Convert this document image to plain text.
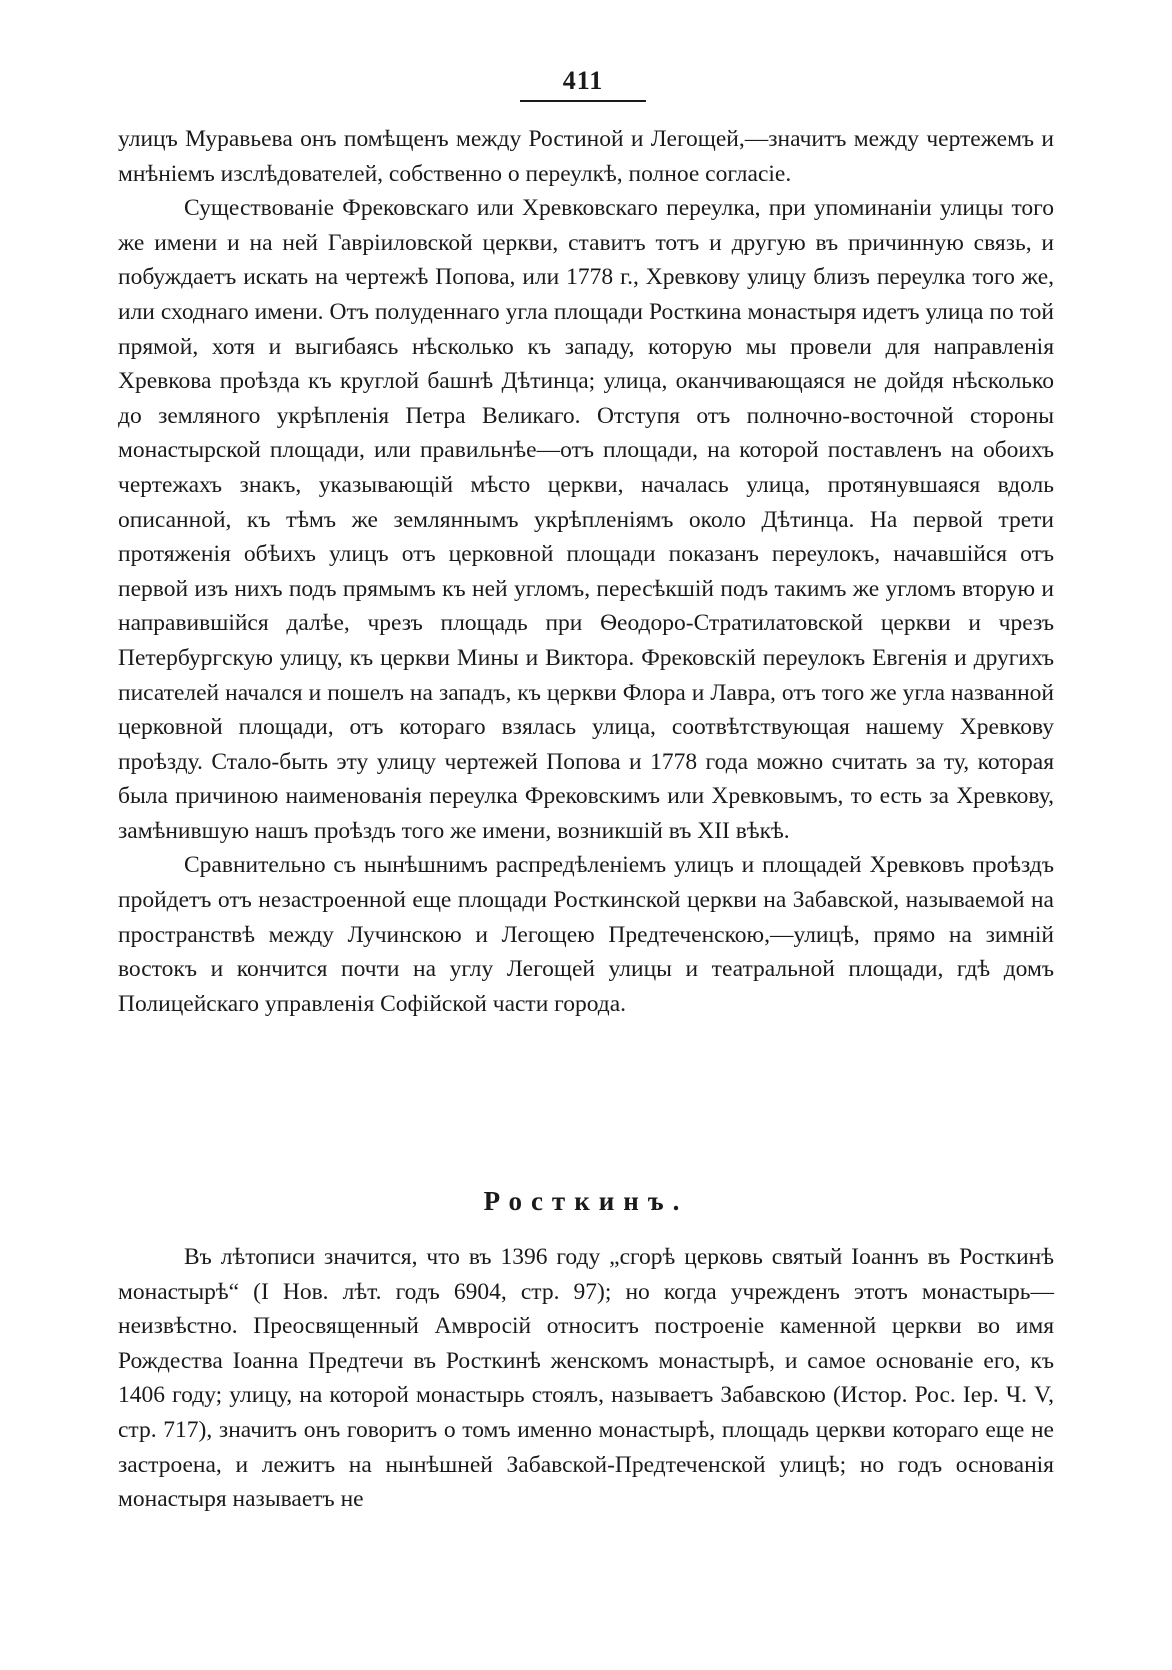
411

улицъ Муравьева онъ помѣщенъ между Ростиной и Легощей,—значитъ между чертежемъ и мнѣніемъ изслѣдователей, собственно о переулкѣ, полное согласіе.

Существованіе Фрековскаго или Хревковскаго переулка, при упоминаніи улицы того же имени и на ней Гавріиловской церкви, ставитъ тотъ и другую въ причинную связь, и побуждаетъ искать на чертежѣ Попова, или 1778 г., Хревкову улицу близъ переулка того же, или сходнаго имени. Отъ полуденнаго угла площади Росткина монастыря идетъ улица по той прямой, хотя и выгибаясь нѣсколько къ западу, которую мы провели для направленія Хревкова проѣзда къ круглой башнѣ Дѣтинца; улица, оканчивающаяся не дойдя нѣсколько до земляного укрѣпленія Петра Великаго. Отступя отъ полночно-восточной стороны монастырской площади, или правильнѣе—отъ площади, на которой поставленъ на обоихъ чертежахъ знакъ, указывающій мѣсто церкви, началась улица, протянувшаяся вдоль описанной, къ тѣмъ же земляннымъ укрѣпленіямъ около Дѣтинца. На первой трети протяженія обѣихъ улицъ отъ церковной площади показанъ переулокъ, начавшійся отъ первой изъ нихъ подъ прямымъ къ ней угломъ, пересѣкшій подъ такимъ же угломъ вторую и направившійся далѣе, чрезъ площадь при Ѳеодоро-Стратилатовской церкви и чрезъ Петербургскую улицу, къ церкви Мины и Виктора. Фрековскій переулокъ Евгенія и другихъ писателей начался и пошелъ на западъ, къ церкви Флора и Лавра, отъ того же угла названной церковной площади, отъ котораго взялась улица, соотвѣтствующая нашему Хревкову проѣзду. Стало-быть эту улицу чертежей Попова и 1778 года можно считать за ту, которая была причиною наименованія переулка Фрековскимъ или Хревковымъ, то есть за Хревкову, замѣнившую нашъ проѣздъ того же имени, возникшій въ XII вѣкѣ.

Сравнительно съ нынѣшнимъ распредѣленіемъ улицъ и площадей Хревковъ проѣздъ пройдетъ отъ незастроенной еще площади Росткинской церкви на Забавской, называемой на пространствѣ между Лучинскою и Легощею Предтеченскою,—улицѣ, прямо на зимній востокъ и кончится почти на углу Легощей улицы и театральной площади, гдѣ домъ Полицейскаго управленія Софійской части города.

Росткинъ.

Въ лѣтописи значится, что въ 1396 году „сгорѣ церковь святый Іоаннъ въ Росткинѣ монастырѣ“ (I Нов. лѣт. годъ 6904, стр. 97); но когда учрежденъ этотъ монастырь—неизвѣстно. Преосвященный Амвросій относитъ построеніе каменной церкви во имя Рождества Іоанна Предтечи въ Росткинѣ женскомъ монастырѣ, и самое основаніе его, къ 1406 году; улицу, на которой монастырь стоялъ, называетъ Забавскою (Истор. Рос. Іер. Ч. V, стр. 717), значитъ онъ говоритъ о томъ именно монастырѣ, площадь церкви котораго еще не застроена, и лежитъ на нынѣшней Забавской-Предтеченской улицѣ; но годъ основанія монастыря называетъ не
